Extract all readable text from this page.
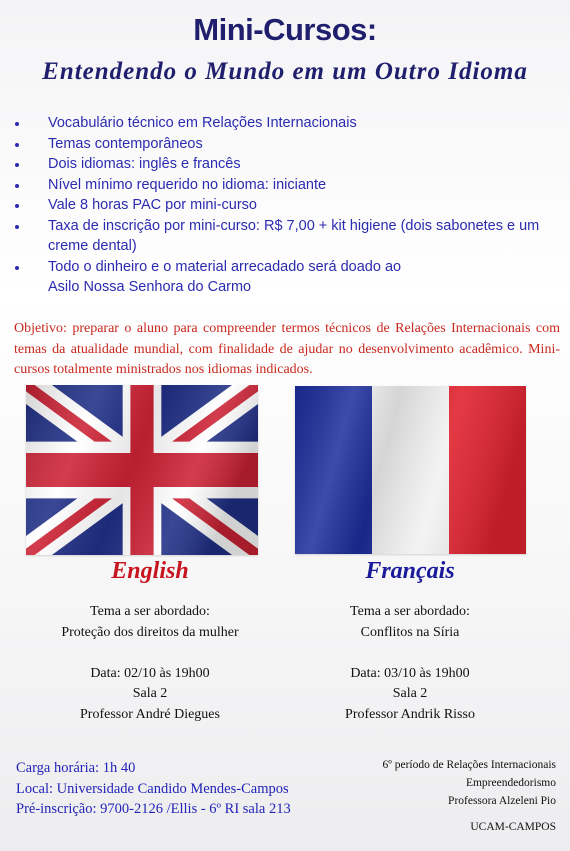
Mini-Cursos:
Entendendo o Mundo em um Outro Idioma
Vocabulário técnico em Relações Internacionais
Temas contemporâneos
Dois idiomas: inglês e francês
Nível mínimo requerido no idioma: iniciante
Vale 8 horas PAC por mini-curso
Taxa de inscrição por mini-curso: R$ 7,00 + kit higiene (dois sabonetes e um creme dental)
Todo o dinheiro e o material arrecadado será doado ao Asilo Nossa Senhora do Carmo
Objetivo: preparar o aluno para compreender termos técnicos de Relações Internacionais com temas da atualidade mundial, com finalidade de ajudar no desenvolvimento acadêmico. Mini-cursos totalmente ministrados nos idiomas indicados.
English	Français

Tema a ser abordado:

Proteção dos direitos da mulher

Data: 02/10 às 19h00

Sala 2

Professor André Diegues

Tema a ser abordado:

Conflitos na Síria

Data: 03/10 às 19h00

Sala 2

Professor Andrik Risso

Carga horária: 1h 40

Local: Universidade Candido Mendes-Campos

Pré-inscrição: 9700-2126 /Ellis - 6º RI sala 213

6º período de Relações Internacionais

Empreendedorismo

Professora Alzeleni Pio

UCAM-CAMPOS
